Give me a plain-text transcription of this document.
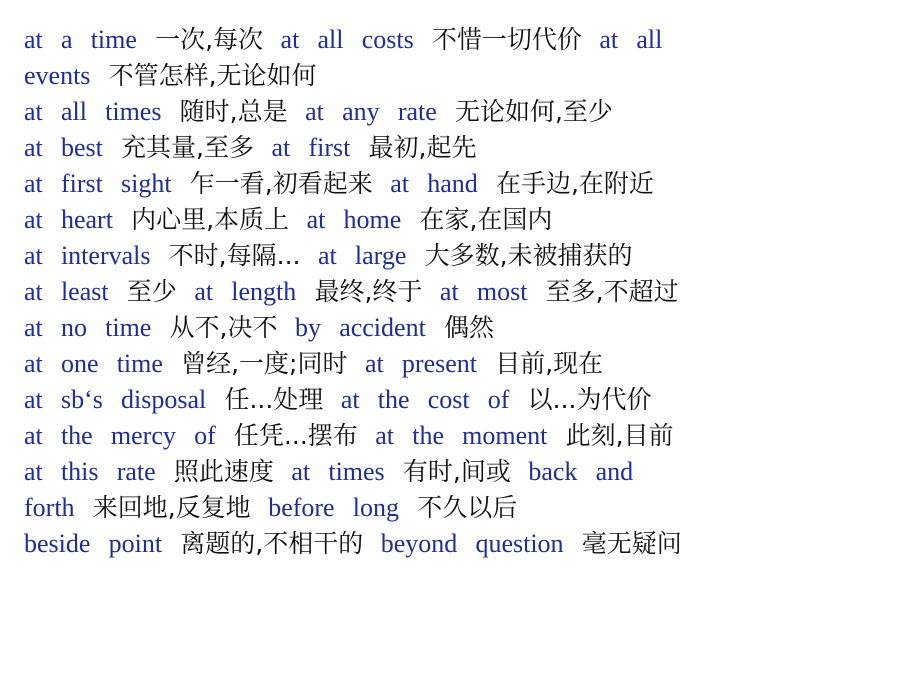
at a time 一次,每次 at all costs 不惜一切代价 at all
events 不管怎样,无论如何
at all times 随时,总是 at any rate 无论如何,至少
at best 充其量,至多 at first 最初,起先
at first sight 乍一看,初看起来 at hand 在手边,在附近
at heart 内心里,本质上 at home 在家,在国内
at intervals 不时,每隔... at large 大多数,未被捕获的
at least 至少 at length 最终,终于 at most 至多,不超过
at no time 从不,决不 by accident 偶然
at one time 曾经,一度;同时 at present 目前,现在
at sb‘s disposal 任...处理 at the cost of 以...为代价
at the mercy of 任凭...摆布 at the moment 此刻,目前
at this rate 照此速度 at times 有时,间或 back and
forth 来回地,反复地 before long 不久以后
beside point 离题的,不相干的 beyond question 毫无疑问
